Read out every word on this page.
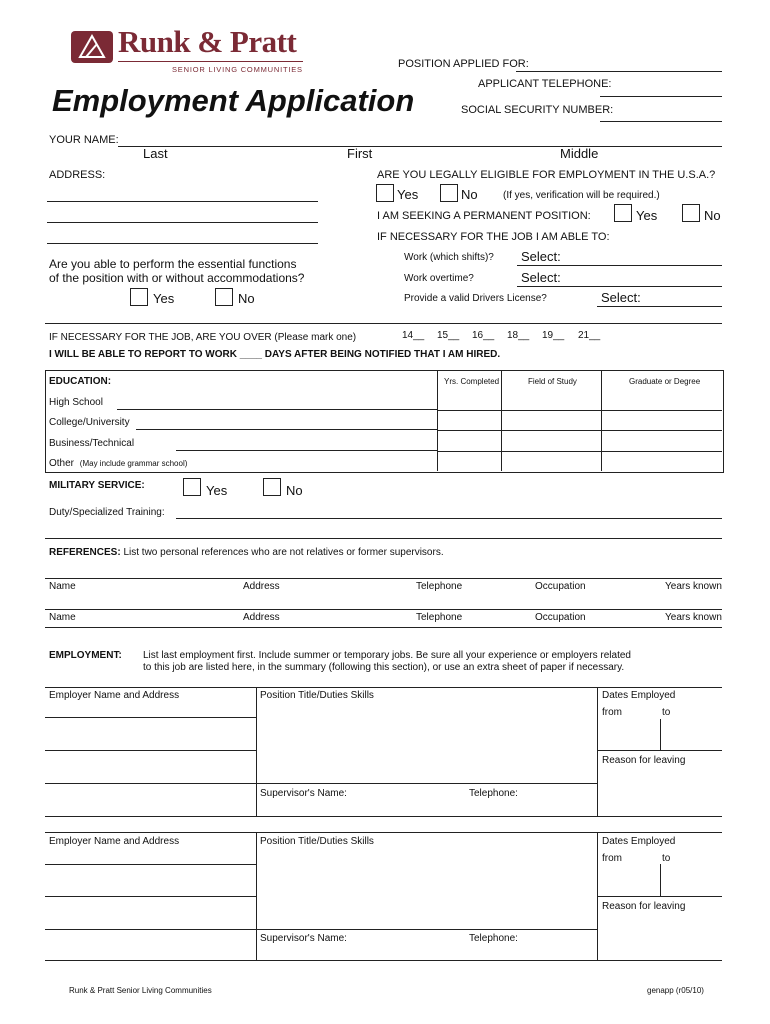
Runk & Pratt
SENIOR LIVING COMMUNITIES
Employment Application
POSITION APPLIED FOR:
APPLICANT TELEPHONE:
SOCIAL SECURITY NUMBER:
YOUR NAME:
Last	First	Middle
ADDRESS:	ARE YOU LEGALLY ELIGIBLE FOR EMPLOYMENT IN THE U.S.A.?
Yes	No	(If yes, verification will be required.)
I AM SEEKING A PERMANENT POSITION:	Yes	No
IF NECESSARY FOR THE JOB I AM ABLE TO:
Work (which shifts)? Select:
Work overtime?	Select:
Provide a valid Drivers License?	Select:
Are you able to perform the essential functions
of the position with or without accommodations?
Yes	No
IF NECESSARY FOR THE JOB, ARE YOU OVER (Please mark one)	14__ 15__ 16__ 18__ 19__ 21__
I WILL BE ABLE TO REPORT TO WORK ____ DAYS AFTER BEING NOTIFIED THAT I AM HIRED.
EDUCATION:	Yrs. Completed	Field of Study	Graduate or Degree
High School
College/University
Business/Technical
Other (May include grammar school)
MILITARY SERVICE:	Yes	No
Duty/Specialized Training:
REFERENCES: List two personal references who are not relatives or former supervisors.
Name	Address	Telephone	Occupation	Years known
Name	Address	Telephone	Occupation	Years known
EMPLOYMENT: List last employment first. Include summer or temporary jobs. Be sure all your experience or employers related
to this job are listed here, in the summary (following this section), or use an extra sheet of paper if necessary.
Employer Name and Address	Position Title/Duties Skills	Dates Employed
from	to
Reason for leaving
Supervisor's Name:	Telephone:
Employer Name and Address	Position Title/Duties Skills	Dates Employed
from	to
Reason for leaving
Supervisor's Name:	Telephone:
Runk & Pratt Senior Living Communities	genapp (r05/10)
